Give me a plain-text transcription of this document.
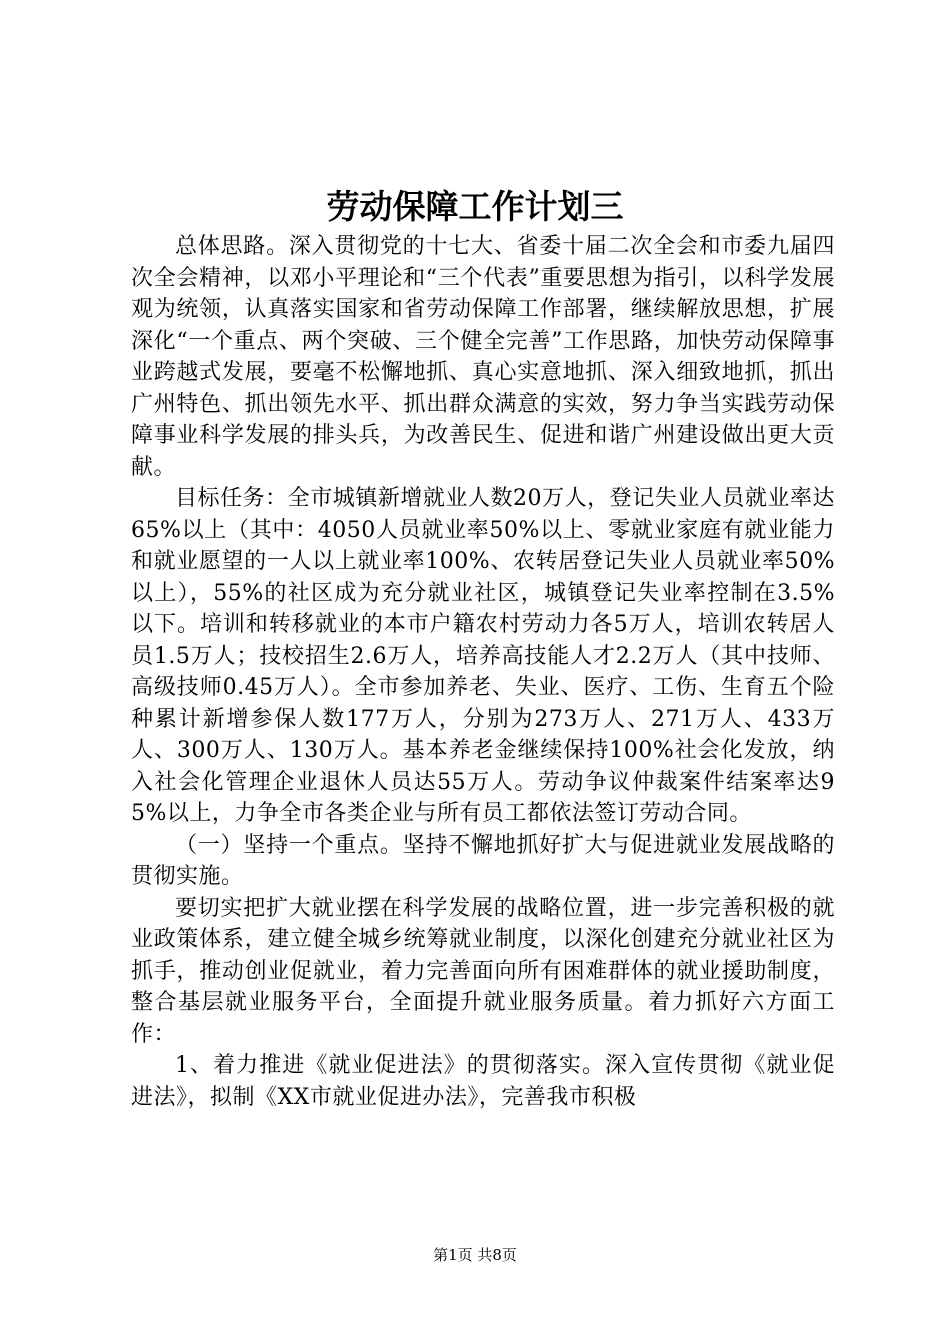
劳动保障工作计划三

总体思路。深入贯彻党的十七大、省委十届二次全会和市委九届四次全会精神，以邓小平理论和“三个代表”重要思想为指引，以科学发展观为统领，认真落实国家和省劳动保障工作部署，继续解放思想，扩展深化“一个重点、两个突破、三个健全完善”工作思路，加快劳动保障事业跨越式发展，要毫不松懈地抓、真心实意地抓、深入细致地抓，抓出广州特色、抓出领先水平、抓出群众满意的实效，努力争当实践劳动保障事业科学发展的排头兵，为改善民生、促进和谐广州建设做出更大贡献。

目标任务：全市城镇新增就业人数20万人，登记失业人员就业率达65%以上（其中：4050人员就业率50%以上、零就业家庭有就业能力和就业愿望的一人以上就业率100%、农转居登记失业人员就业率50%以上），55%的社区成为充分就业社区，城镇登记失业率控制在3.5%以下。培训和转移就业的本市户籍农村劳动力各5万人，培训农转居人员1.5万人；技校招生2.6万人，培养高技能人才2.2万人（其中技师、高级技师0.45万人）。全市参加养老、失业、医疗、工伤、生育五个险种累计新增参保人数177万人，分别为273万人、271万人、433万人、300万人、130万人。基本养老金继续保持100%社会化发放，纳入社会化管理企业退休人员达55万人。劳动争议仲裁案件结案率达95%以上，力争全市各类企业与所有员工都依法签订劳动合同。

（一）坚持一个重点。坚持不懈地抓好扩大与促进就业发展战略的贯彻实施。

要切实把扩大就业摆在科学发展的战略位置，进一步完善积极的就业政策体系，建立健全城乡统筹就业制度，以深化创建充分就业社区为抓手，推动创业促就业，着力完善面向所有困难群体的就业援助制度，整合基层就业服务平台，全面提升就业服务质量。着力抓好六方面工作：

1、着力推进《就业促进法》的贯彻落实。深入宣传贯彻《就业促进法》，拟制《XX市就业促进办法》，完善我市积极

第1页 共8页
